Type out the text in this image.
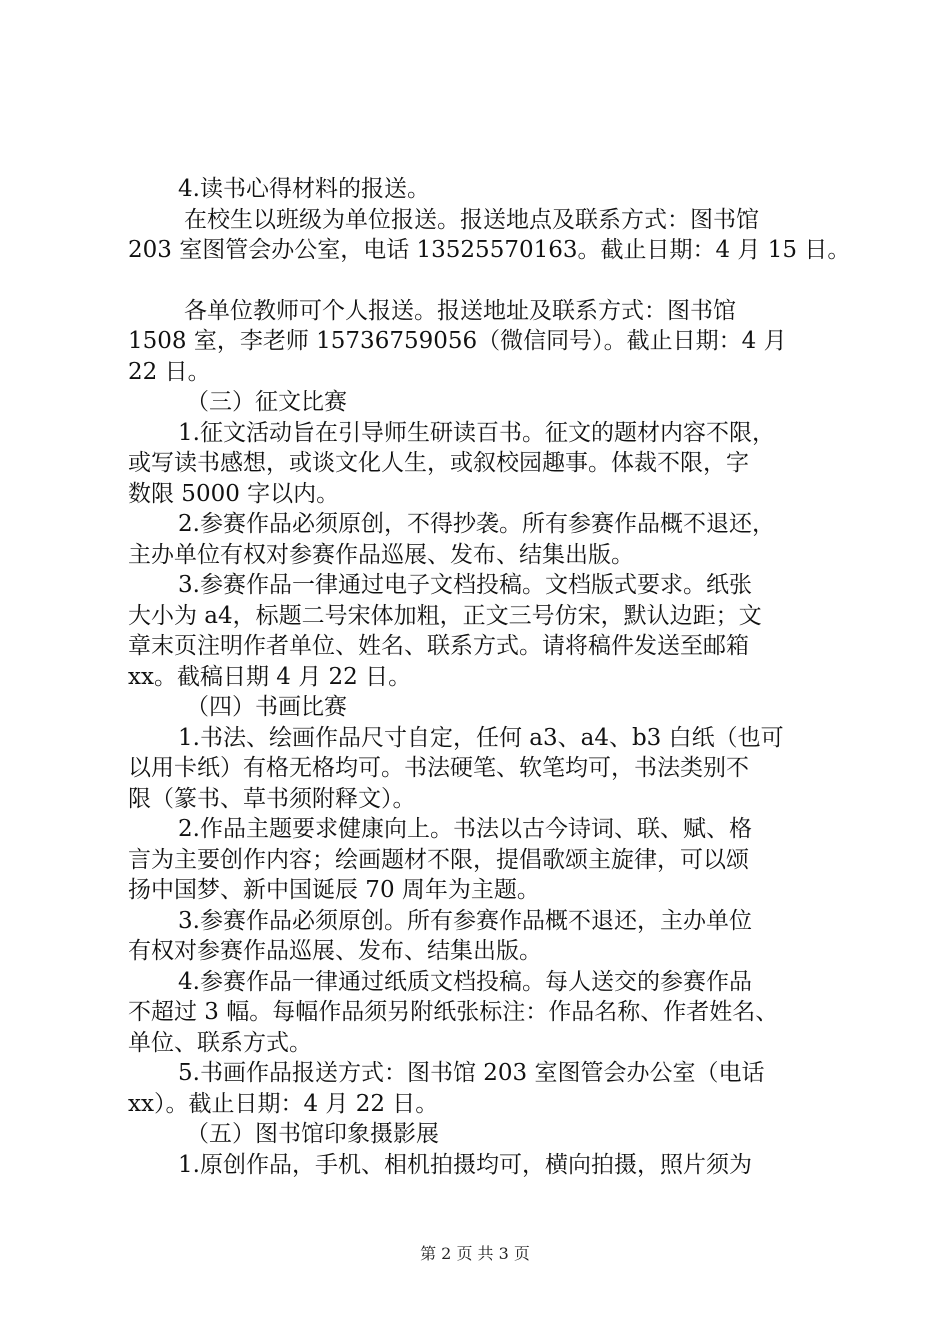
4.读书心得材料的报送。
在校生以班级为单位报送。报送地点及联系方式：图书馆
203 室图管会办公室，电话 13525570163。截止日期：4 月 15 日。
各单位教师可个人报送。报送地址及联系方式：图书馆
1508 室，李老师 15736759056（微信同号）。截止日期：4 月
22 日。
（三）征文比赛
1.征文活动旨在引导师生研读百书。征文的题材内容不限，
或写读书感想，或谈文化人生，或叙校园趣事。体裁不限，字
数限 5000 字以内。
2.参赛作品必须原创，不得抄袭。所有参赛作品概不退还，
主办单位有权对参赛作品巡展、发布、结集出版。
3.参赛作品一律通过电子文档投稿。文档版式要求。纸张
大小为 a4，标题二号宋体加粗，正文三号仿宋，默认边距；文
章末页注明作者单位、姓名、联系方式。请将稿件发送至邮箱
xx。截稿日期 4 月 22 日。
（四）书画比赛
1.书法、绘画作品尺寸自定，任何 a3、a4、b3 白纸（也可
以用卡纸）有格无格均可。书法硬笔、软笔均可，书法类别不
限（篆书、草书须附释文）。
2.作品主题要求健康向上。书法以古今诗词、联、赋、格
言为主要创作内容；绘画题材不限，提倡歌颂主旋律，可以颂
扬中国梦、新中国诞辰 70 周年为主题。
3.参赛作品必须原创。所有参赛作品概不退还，主办单位
有权对参赛作品巡展、发布、结集出版。
4.参赛作品一律通过纸质文档投稿。每人送交的参赛作品
不超过 3 幅。每幅作品须另附纸张标注：作品名称、作者姓名、
单位、联系方式。
5.书画作品报送方式：图书馆 203 室图管会办公室（电话
xx）。截止日期：4 月 22 日。
（五）图书馆印象摄影展
1.原创作品，手机、相机拍摄均可，横向拍摄，照片须为
第 2 页 共 3 页
